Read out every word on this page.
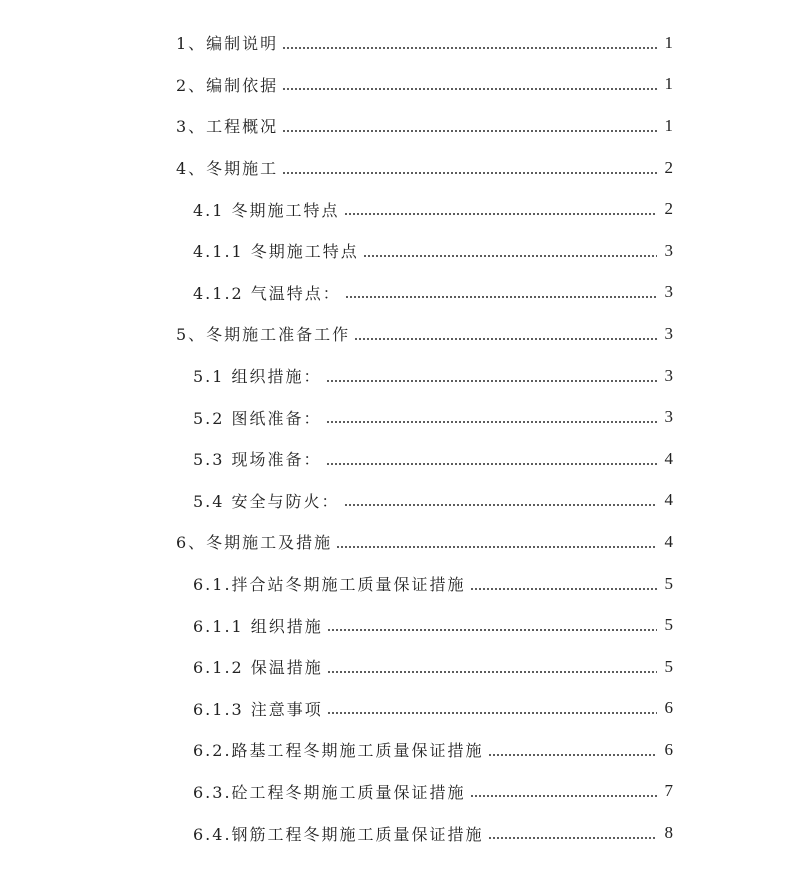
1、编制说明	1
2、编制依据	1
3、工程概况	1
4、冬期施工	2
4.1 冬期施工特点	2
4.1.1 冬期施工特点	3
4.1.2 气温特点：	3
5、冬期施工准备工作	3
5.1 组织措施：	3
5.2 图纸准备：	3
5.3 现场准备：	4
5.4 安全与防火：	4
6、冬期施工及措施	4
6.1.拌合站冬期施工质量保证措施	5
6.1.1 组织措施	5
6.1.2 保温措施	5
6.1.3 注意事项	6
6.2.路基工程冬期施工质量保证措施	6
6.3.砼工程冬期施工质量保证措施	7
6.4.钢筋工程冬期施工质量保证措施	8
